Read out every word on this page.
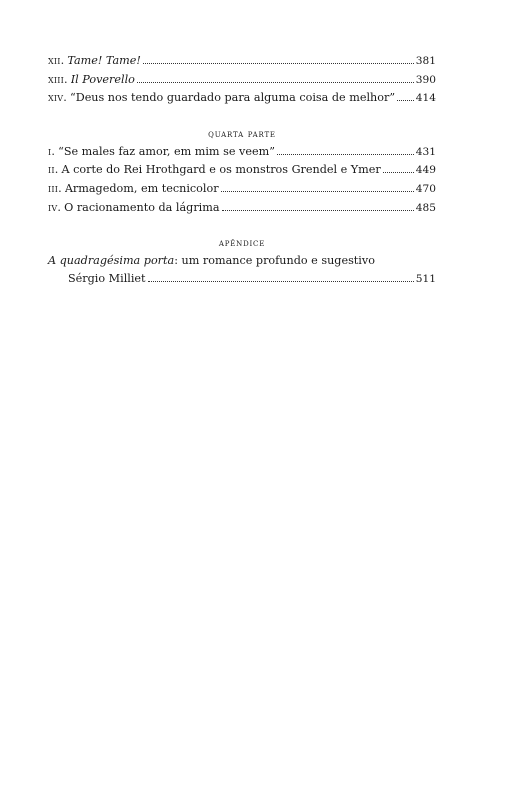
xii. Tame! Tame!	381
xiii. Il Poverello	390
xiv. “Deus nos tendo guardado para alguma coisa de melhor” 414
quarta parte
i. “Se males faz amor, em mim se veem”	431
ii. A corte do Rei Hrothgard e os monstros Grendel e Ymer	449
iii. Armagedom, em tecnicolor	470
iv. O racionamento da lágrima	485
apêndice
A quadragésima porta: um romance profundo e sugestivo
Sérgio Milliet	511
